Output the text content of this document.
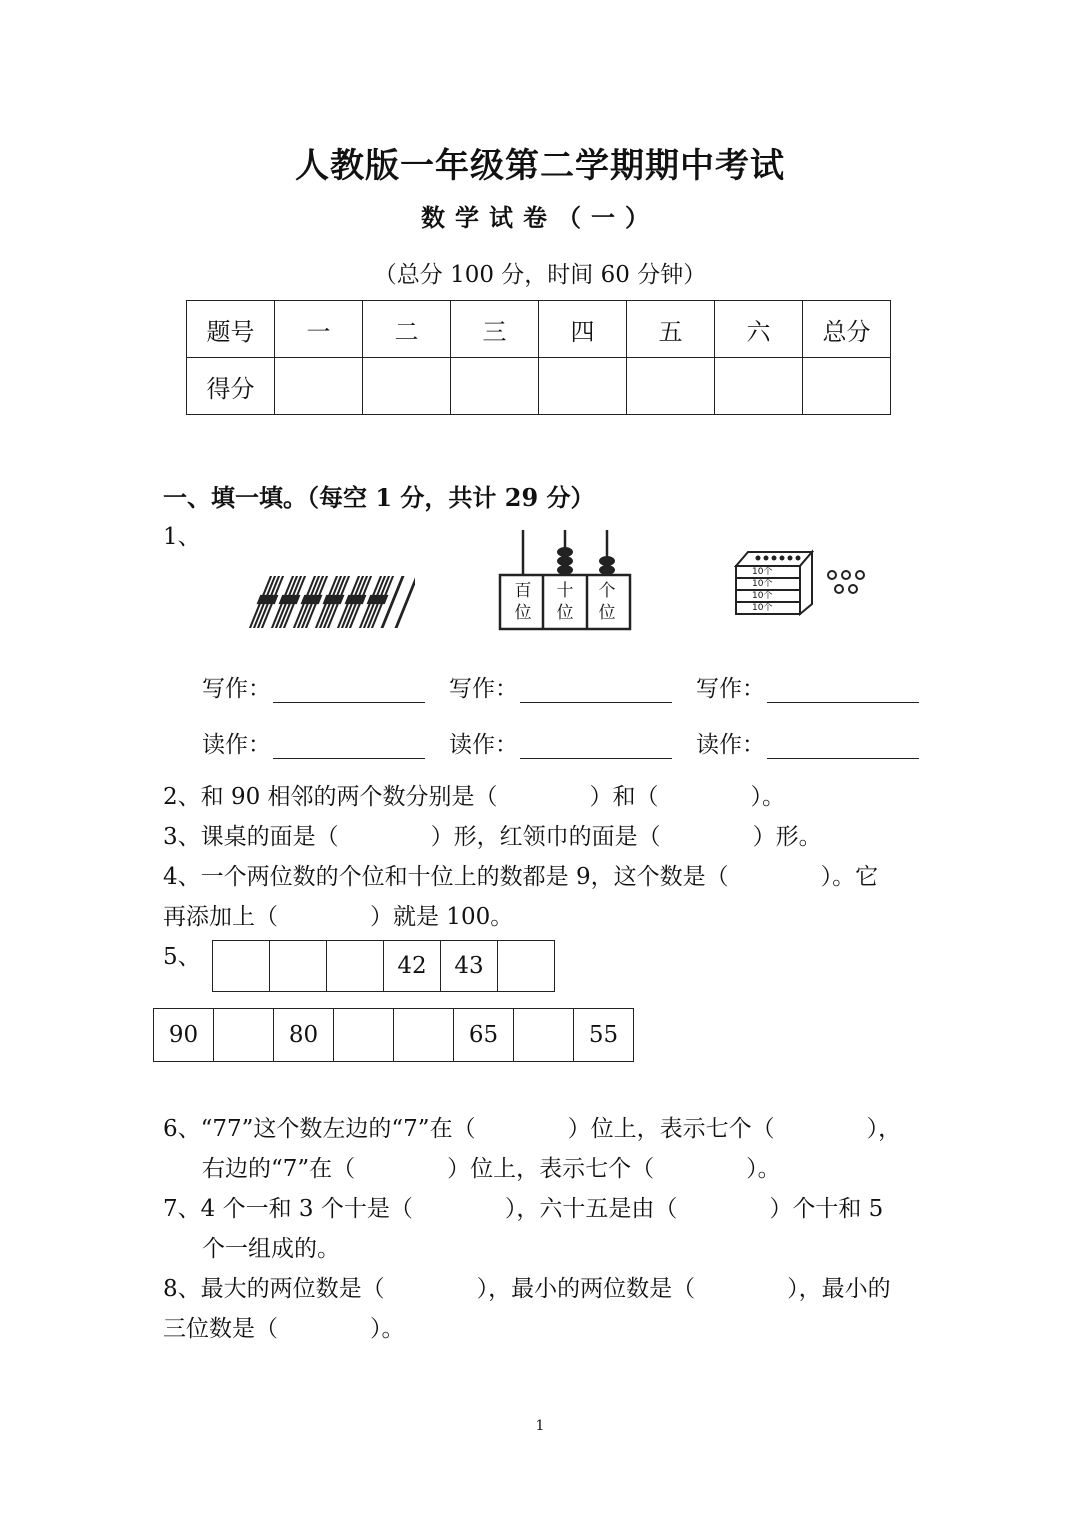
人教版一年级第二学期期中考试
数学试卷（一）
（总分 100 分，时间 60 分钟）
题号	一	二	三	四	五	六	总分
得分							
一、填一填。（每空 1 分，共计 29 分）
1、
百
位
十
位
个
位
10个
10个
10个
10个
写作：	写作：	写作：
读作：	读作：	读作：
2、和 90 相邻的两个数分别是（　　　　）和（　　　　）。
3、课桌的面是（　　　　）形，红领巾的面是（　　　　）形。
4、一个两位数的个位和十位上的数都是 9，这个数是（　　　　）。它
再添加上（　　　　）就是 100。
5、
				42	43	
90		80			65		55
6、“77”这个数左边的“7”在（　　　　）位上，表示七个（　　　　），
右边的“7”在（　　　　）位上，表示七个（　　　　）。
7、4 个一和 3 个十是（　　　　），六十五是由（　　　　）个十和 5
个一组成的。
8、最大的两位数是（　　　　），最小的两位数是（　　　　），最小的
三位数是（　　　　）。
1
